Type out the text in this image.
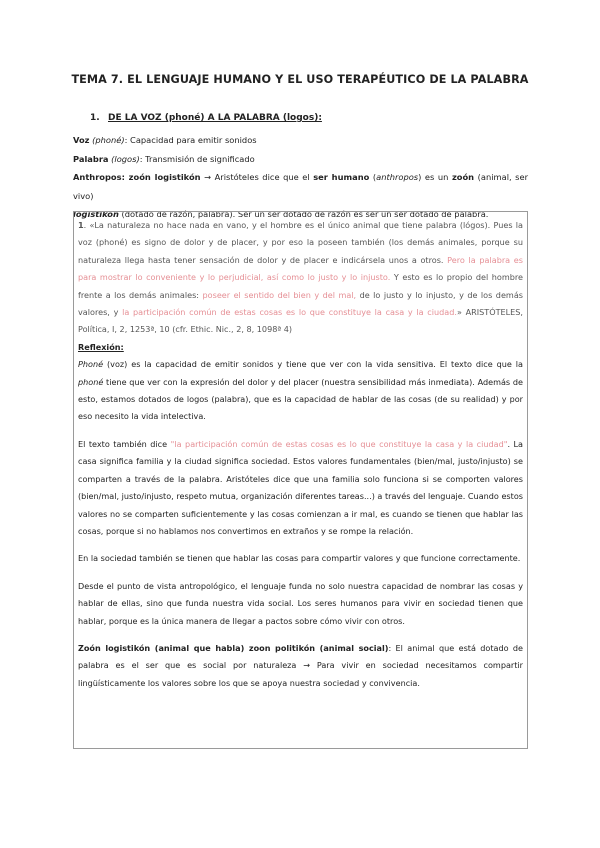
TEMA 7. EL LENGUAJE HUMANO Y EL USO TERAPÉUTICO DE LA PALABRA
1. DE LA VOZ (phoné) A LA PALABRA (logos):

Voz (phoné): Capacidad para emitir sonidos

Palabra (logos): Transmisión de significado

Anthropos: zoón logistikón → Aristóteles dice que el ser humano (anthropos) es un zoón (animal, ser vivo)

logistikon (dotado de razón, palabra). Ser un ser dotado de razón es ser un ser dotado de palabra.

1. «La naturaleza no hace nada en vano, y el hombre es el único animal que tiene palabra (lógos). Pues la voz (phoné) es signo de dolor y de placer, y por eso la poseen también (los demás animales, porque su naturaleza llega hasta tener sensación de dolor y de placer e indicársela unos a otros. Pero la palabra es para mostrar lo conveniente y lo perjudicial, así como lo justo y lo injusto. Y esto es lo propio del hombre frente a los demás animales: poseer el sentido del bien y del mal, de lo justo y lo injusto, y de los demás valores, y la participación común de estas cosas es lo que constituye la casa y la ciudad.» ARISTÓTELES, Política, I, 2, 1253ª, 10 (cfr. Ethic. Nic., 2, 8, 1098ª 4)

Reflexión:

Phoné (voz) es la capacidad de emitir sonidos y tiene que ver con la vida sensitiva. El texto dice que la phoné tiene que ver con la expresión del dolor y del placer (nuestra sensibilidad más inmediata). Además de esto, estamos dotados de logos (palabra), que es la capacidad de hablar de las cosas (de su realidad) y por eso necesito la vida intelectiva.

El texto también dice "la participación común de estas cosas es lo que constituye la casa y la ciudad". La casa significa familia y la ciudad significa sociedad. Estos valores fundamentales (bien/mal, justo/injusto) se comparten a través de la palabra. Aristóteles dice que una familia solo funciona si se comporten valores (bien/mal, justo/injusto, respeto mutua, organización diferentes tareas...) a través del lenguaje. Cuando estos valores no se comparten suficientemente y las cosas comienzan a ir mal, es cuando se tienen que hablar las cosas, porque si no hablamos nos convertimos en extraños y se rompe la relación.

En la sociedad también se tienen que hablar las cosas para compartir valores y que funcione correctamente.

Desde el punto de vista antropológico, el lenguaje funda no solo nuestra capacidad de nombrar las cosas y hablar de ellas, sino que funda nuestra vida social. Los seres humanos para vivir en sociedad tienen que hablar, porque es la única manera de llegar a pactos sobre cómo vivir con otros.

Zoón logistikón (animal que habla) zoon politikón (animal social): El animal que está dotado de palabra es el ser que es social por naturaleza → Para vivir en sociedad necesitamos compartir lingüísticamente los valores sobre los que se apoya nuestra sociedad y convivencia.
